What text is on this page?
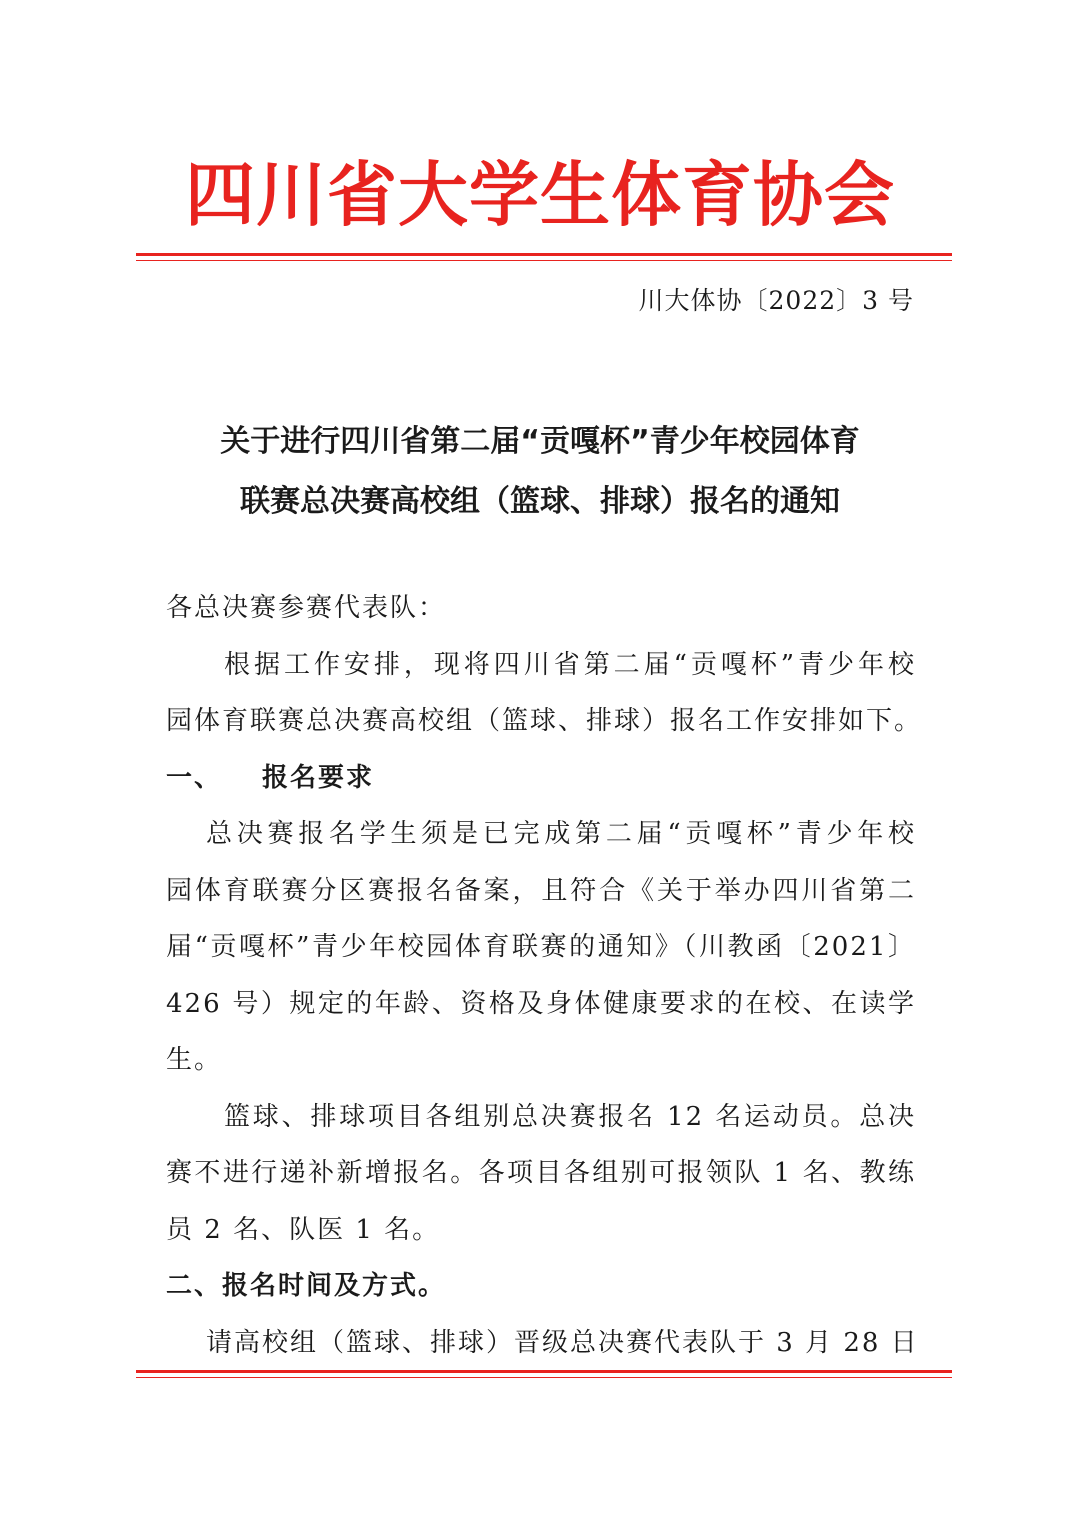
四川省大学生体育协会
川大体协〔2022〕3 号
关于进行四川省第二届“贡嘎杯”青少年校园体育
联赛总决赛高校组（篮球、排球）报名的通知
各总决赛参赛代表队：
根据工作安排，现将四川省第二届“贡嘎杯”青少年校
园体育联赛总决赛高校组（篮球、排球）报名工作安排如下。
一、 报名要求
总决赛报名学生须是已完成第二届“贡嘎杯”青少年校
园体育联赛分区赛报名备案，且符合《关于举办四川省第二
届“贡嘎杯”青少年校园体育联赛的通知》（川教函〔2021〕
426 号）规定的年龄、资格及身体健康要求的在校、在读学
生。
篮球、排球项目各组别总决赛报名 12 名运动员。总决
赛不进行递补新增报名。各项目各组别可报领队 1 名、教练
员 2 名、队医 1 名。
二、报名时间及方式。
请高校组（篮球、排球）晋级总决赛代表队于 3 月 28 日
